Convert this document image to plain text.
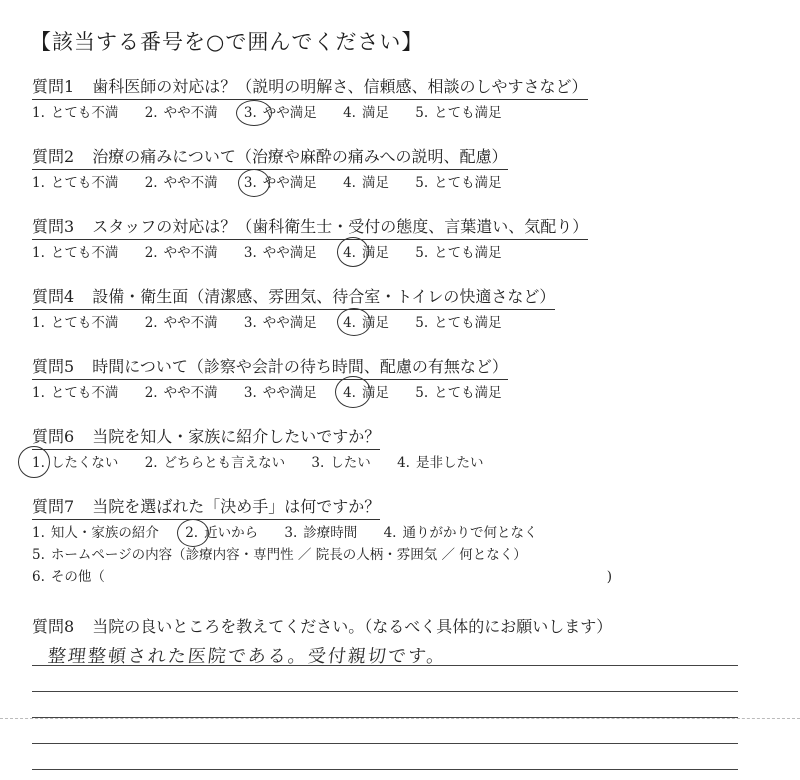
【該当する番号を○で囲んでください】
質問1 歯科医師の対応は？（説明の明解さ、信頼感、相談のしやすさなど）
1. とても不満 2. やや不満 3. やや満足 4. 満足 5. とても満足
質問2 治療の痛みについて（治療や麻酔の痛みへの説明、配慮）
1. とても不満 2. やや不満 3. やや満足 4. 満足 5. とても満足
質問3 スタッフの対応は？（歯科衛生士・受付の態度、言葉遣い、気配り）
1. とても不満 2. やや不満 3. やや満足 4. 満足 5. とても満足
質問4 設備・衛生面（清潔感、雰囲気、待合室・トイレの快適さなど）
1. とても不満 2. やや不満 3. やや満足 4. 満足 5. とても満足
質問5 時間について（診察や会計の待ち時間、配慮の有無など）
1. とても不満 2. やや不満 3. やや満足 4. 満足 5. とても満足
質問6 当院を知人・家族に紹介したいですか？
1. したくない 2. どちらとも言えない 3. したい 4. 是非したい
質問7 当院を選ばれた「決め手」は何ですか？
1. 知人・家族の紹介 2. 近いから 3. 診療時間 4. 通りがかりで何となく
5. ホームページの内容（診療内容・専門性 ／ 院長の人柄・雰囲気 ／ 何となく）
6. その他（	)
質問8 当院の良いところを教えてください。（なるべく具体的にお願いします）
整理整頓された医院である。受付親切です。
